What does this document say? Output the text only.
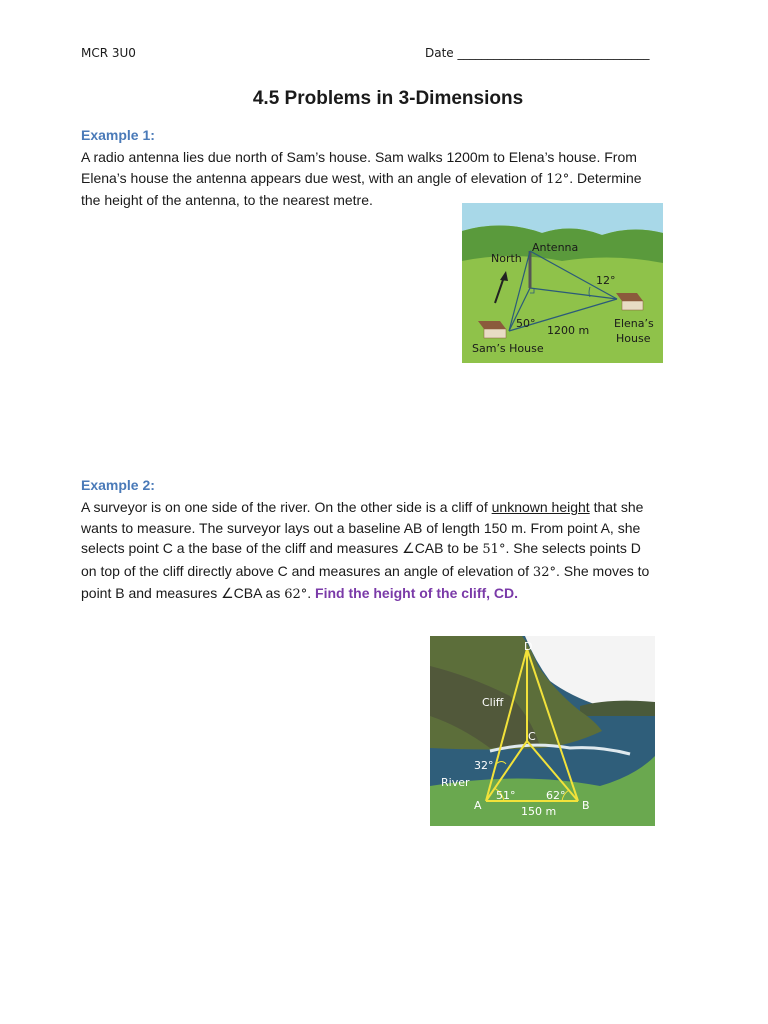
MCR 3U0	Date ________________________________
4.5 Problems in 3-Dimensions
Example 1:
A radio antenna lies due north of Sam’s house. Sam walks 1200m to Elena’s house. From
Elena’s house the antenna appears due west, with an angle of elevation of 12°. Determine
the height of the antenna, to the nearest metre.
Antenna
North
12°
50°
1200 m
Elena’s
House
Sam’s House
Example 2:
A surveyor is on one side of the river. On the other side is a cliff of unknown height that she
wants to measure. The surveyor lays out a baseline AB of length 150 m. From point A, she
selects point C a the base of the cliff and measures ∠CAB to be 51°. She selects points D
on top of the cliff directly above C and measures an angle of elevation of 32°. She moves to
point B and measures ∠CBA as 62°. Find the height of the cliff, CD.
D
C
A	B
Cliff
River
32°
51°	62°
150 m
